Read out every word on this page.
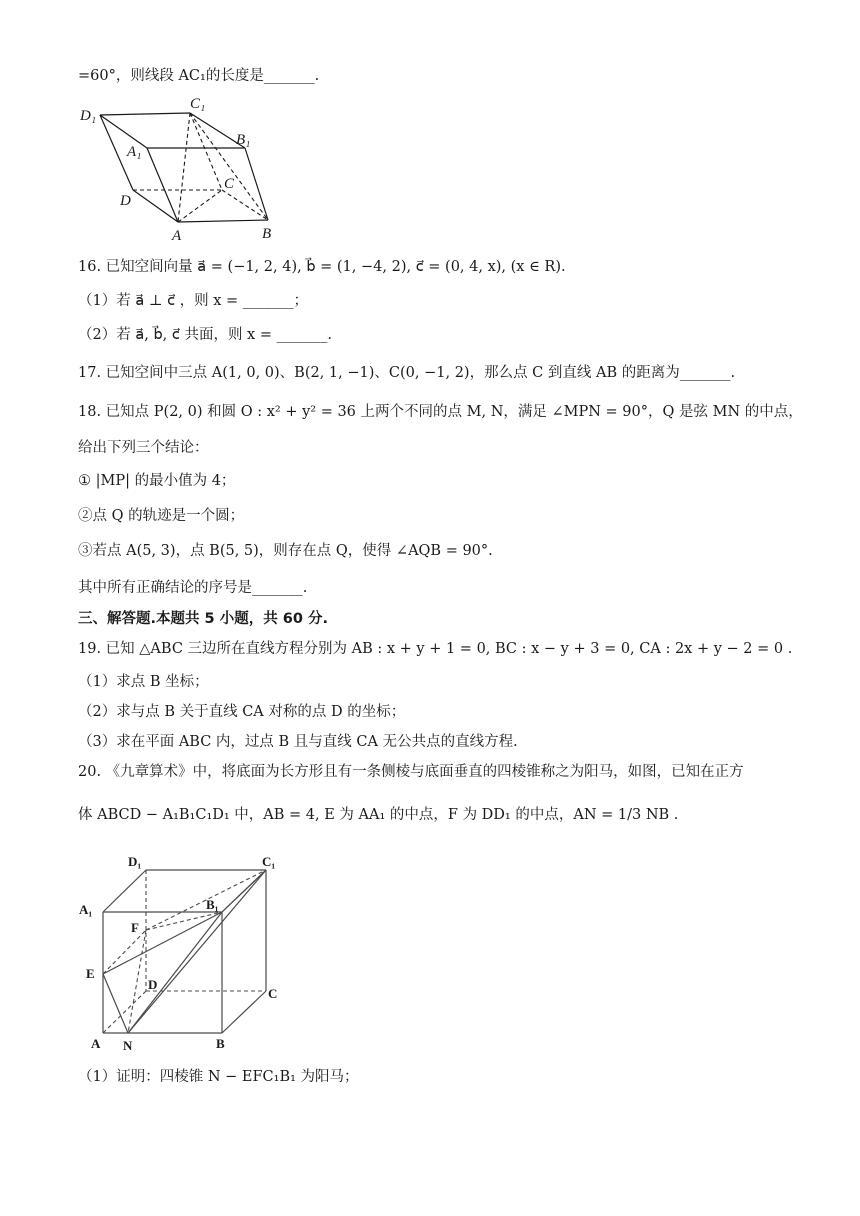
=60°，则线段 AC₁的长度是_______.
D₁
C₁
B₁
A₁
C
D
A	B
16. 已知空间向量 a⃗ = (−1, 2, 4), b⃗ = (1, −4, 2), c⃗ = (0, 4, x), (x ∈ R).
（1）若 a⃗ ⊥ c⃗ ，则 x = _______；
（2）若 a⃗, b⃗, c⃗ 共面，则 x = _______.
17. 已知空间中三点 A(1, 0, 0)、B(2, 1, −1)、C(0, −1, 2)，那么点 C 到直线 AB 的距离为_______.
18. 已知点 P(2, 0) 和圆 O : x² + y² = 36 上两个不同的点 M, N，满足 ∠MPN = 90°，Q 是弦 MN 的中点，
给出下列三个结论：
① |MP| 的最小值为 4；
②点 Q 的轨迹是一个圆；
③若点 A(5, 3)，点 B(5, 5)，则存在点 Q，使得 ∠AQB = 90°.
其中所有正确结论的序号是_______.
三、解答题.本题共 5 小题，共 60 分.
19. 已知 △ABC 三边所在直线方程分别为 AB : x + y + 1 = 0, BC : x − y + 3 = 0, CA : 2x + y − 2 = 0 .
（1）求点 B 坐标；
（2）求与点 B 关于直线 CA 对称的点 D 的坐标；
（3）求在平面 ABC 内，过点 B 且与直线 CA 无公共点的直线方程.
20. 《九章算术》中，将底面为长方形且有一条侧棱与底面垂直的四棱锥称之为阳马，如图，已知在正方
体 ABCD − A₁B₁C₁D₁ 中，AB = 4, E 为 AA₁ 的中点，F 为 DD₁ 的中点，AN = 1/3 NB .
D₁	C₁
A₁	B₁
F
E
D
C
A N	B
（1）证明：四棱锥 N − EFC₁B₁ 为阳马；
